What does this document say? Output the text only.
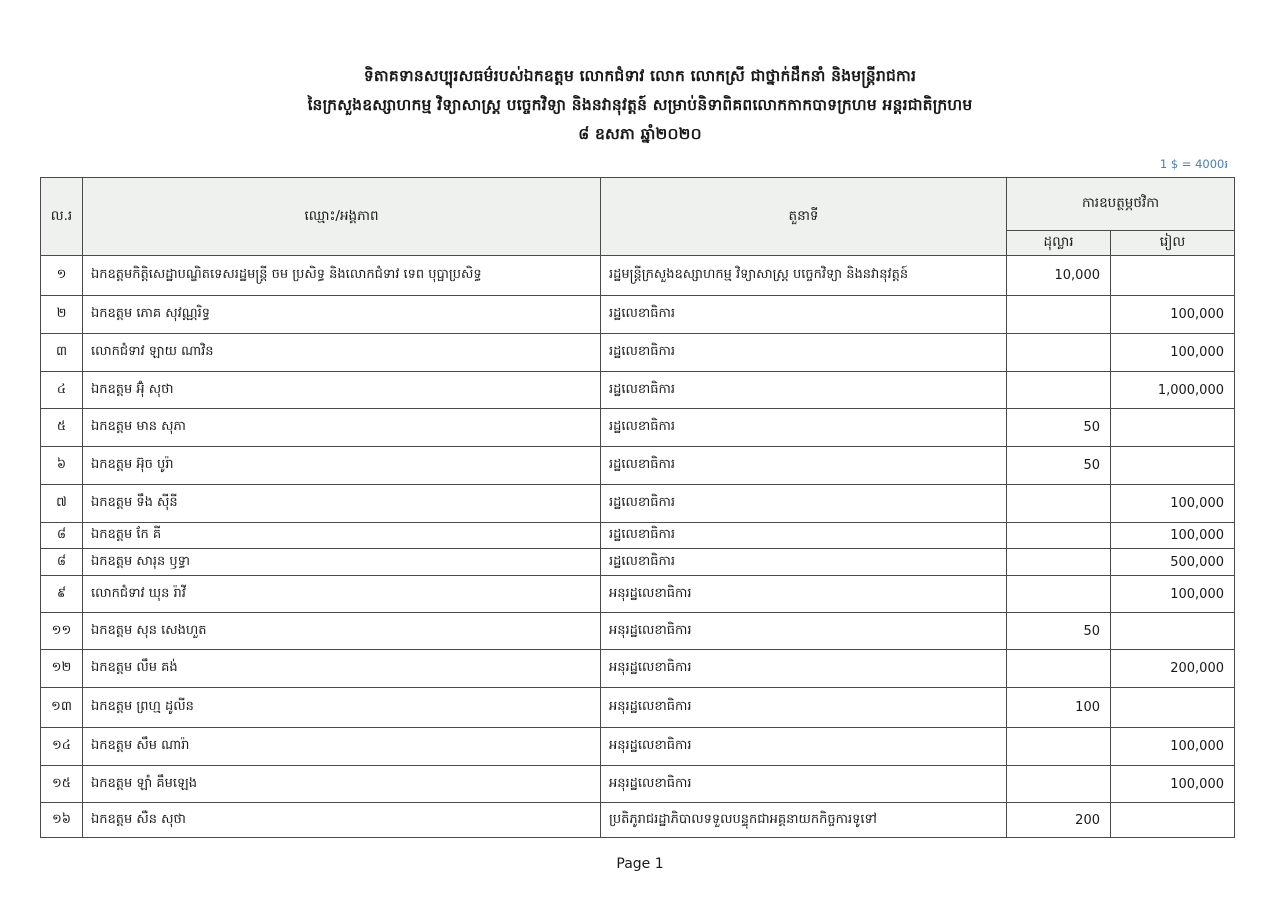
ទិតាគទានសប្បុរសធម៌របស់ឯកឧត្តម លោកជំទាវ លោក លោកស្រី ជាថ្នាក់ដឹកនាំ និងមន្ត្រីរាជការ
នៃក្រសួងឧស្សាហកម្ម វិទ្យាសាស្ត្រ បច្ចេកវិទ្យា និងនវានុវត្តន៍ សម្រាប់និទាពិគពលោកកាកបាទក្រហម អន្តរជាតិក្រហម
៨ ឧសភា ឆ្នាំ២០២០
1 $ = 4000៛
ល.រ	ឈ្មោះ/អង្គភាព	តួនាទី	ការឧបត្ថម្ភថវិកា	
			ដុល្លារ	រៀល
១	ឯកឧត្តមកិត្តិសេដ្ឋាបណ្ឌិតទេសរដ្ឋមន្ត្រី ចម ប្រសិទ្ធ និងលោកជំទាវ ទេព បុប្ផាប្រសិទ្ធ	រដ្ឋមន្ត្រីក្រសួងឧស្សាហកម្ម វិទ្យាសាស្ត្រ បច្ចេកវិទ្យា និងនវានុវត្តន៍	10,000	
២	ឯកឧត្តម ភោគ សុវណ្ណរិទ្ធ	រដ្ឋលេខាធិការ		100,000
៣	លោកជំទាវ ឡាយ ណាវិន	រដ្ឋលេខាធិការ		100,000
៤	ឯកឧត្តម អ៊ុំ សុថា	រដ្ឋលេខាធិការ		1,000,000
៥	ឯកឧត្តម មាន សុភា	រដ្ឋលេខាធិការ	50	
៦	ឯកឧត្តម អ៊ុច បូរ៉ា	រដ្ឋលេខាធិការ	50	
៧	ឯកឧត្តម ទឹង ស៊ីនី	រដ្ឋលេខាធិការ		100,000
៨	ឯកឧត្តម កែ គី	រដ្ឋលេខាធិការ		100,000
៨	ឯកឧត្តម សារុន ឫទ្ធា	រដ្ឋលេខាធិការ		500,000
៩	លោកជំទាវ ឃុន រ៉ាវី	អនុរដ្ឋលេខាធិការ		100,000
១១	ឯកឧត្តម សុន សេងហួត	អនុរដ្ឋលេខាធិការ	50	
១២	ឯកឧត្តម លឹម គង់	អនុរដ្ឋលេខាធិការ		200,000
១៣	ឯកឧត្តម ព្រហ្ម ដូលីន	អនុរដ្ឋលេខាធិការ	100	
១៤	ឯកឧត្តម សឹម ណារ៉ា	អនុរដ្ឋលេខាធិការ		100,000
១៥	ឯកឧត្តម ឡាំ គឹមឡេង	អនុរដ្ឋលេខាធិការ		100,000
១៦	ឯកឧត្តម សឺន សុថា	ប្រតិភូរាជរដ្ឋាភិបាលទទួលបន្ទុកជាអគ្គនាយកកិច្ចការទូទៅ	200	
Page 1
